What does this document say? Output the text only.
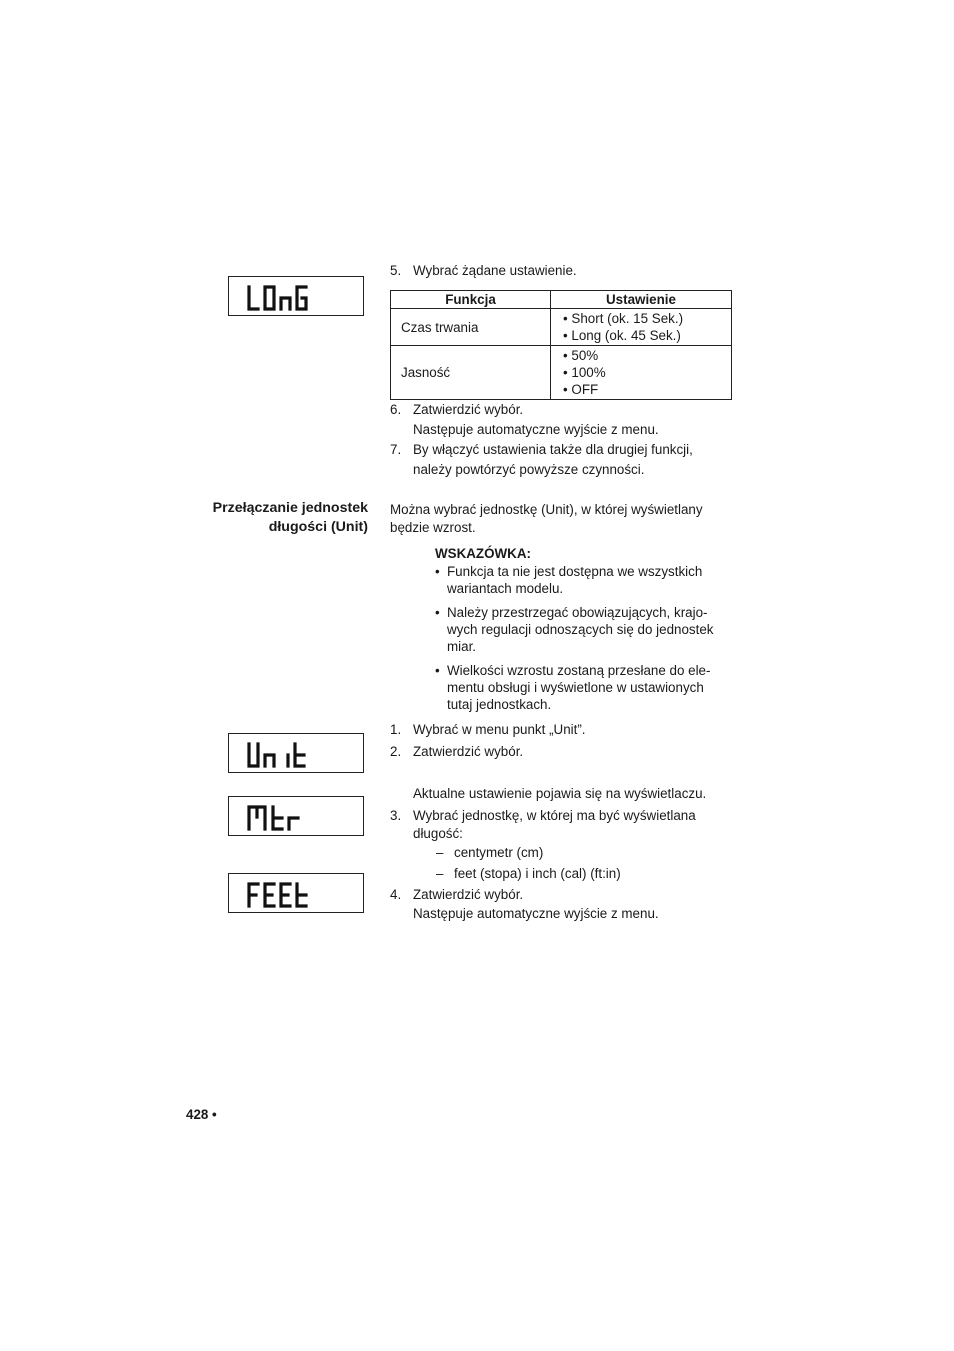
5. Wybrać żądane ustawienie.
Funkcja	Ustawienie
Czas trwania	• Short (ok. 15 Sek.)
• Long (ok. 45 Sek.)

Jasność	• 50%
• 100%
• OFF
6. Zatwierdzić wybór.
Następuje automatyczne wyjście z menu.
7. By włączyć ustawienia także dla drugiej funkcji,
należy powtórzyć powyższe czynności.
Przełączanie jednostek
długości (Unit)
Można wybrać jednostkę (Unit), w której wyświetlany
będzie wzrost.
WSKAZÓWKA:
• Funkcja ta nie jest dostępna we wszystkich
wariantach modelu.
• Należy przestrzegać obowiązujących, krajo-
wych regulacji odnoszących się do jednostek
miar.
• Wielkości wzrostu zostaną przesłane do ele-
mentu obsługi i wyświetlone w ustawionych
tutaj jednostkach.
1. Wybrać w menu punkt „Unit”.
2. Zatwierdzić wybór.
Aktualne ustawienie pojawia się na wyświetlaczu.
3. Wybrać jednostkę, w której ma być wyświetlana
długość:
– centymetr (cm)
– feet (stopa) i inch (cal) (ft:in)
4. Zatwierdzić wybór.
Następuje automatyczne wyjście z menu.
428 •
